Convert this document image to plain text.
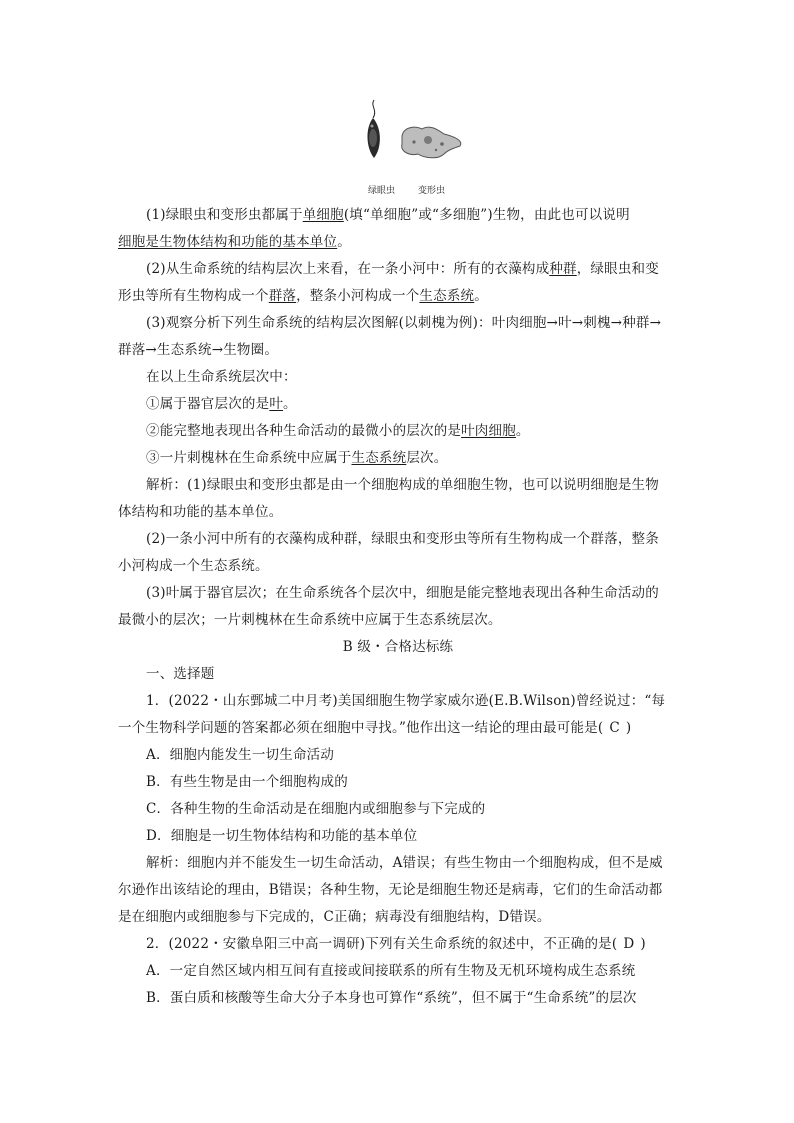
绿眼虫	变形虫
(1)绿眼虫和变形虫都属于单细胞(填“单细胞”或“多细胞”)生物，由此也可以说明
细胞是生物体结构和功能的基本单位。
(2)从生命系统的结构层次上来看，在一条小河中：所有的衣藻构成种群，绿眼虫和变
形虫等所有生物构成一个群落，整条小河构成一个生态系统。
(3)观察分析下列生命系统的结构层次图解(以刺槐为例)：叶肉细胞→叶→刺槐→种群→
群落→生态系统→生物圈。
在以上生命系统层次中：
①属于器官层次的是叶。
②能完整地表现出各种生命活动的最微小的层次的是叶肉细胞。
③一片刺槐林在生命系统中应属于生态系统层次。
解析：(1)绿眼虫和变形虫都是由一个细胞构成的单细胞生物，也可以说明细胞是生物
体结构和功能的基本单位。
(2)一条小河中所有的衣藻构成种群，绿眼虫和变形虫等所有生物构成一个群落，整条
小河构成一个生态系统。
(3)叶属于器官层次；在生命系统各个层次中，细胞是能完整地表现出各种生命活动的
最微小的层次；一片刺槐林在生命系统中应属于生态系统层次。
B 级・合格达标练
一、选择题
1．(2022・山东鄄城二中月考)美国细胞生物学家威尔逊(E.B.Wilson)曾经说过：“每
一个生物科学问题的答案都必须在细胞中寻找。”他作出这一结论的理由最可能是( C )
A．细胞内能发生一切生命活动
B．有些生物是由一个细胞构成的
C．各种生物的生命活动是在细胞内或细胞参与下完成的
D．细胞是一切生物体结构和功能的基本单位
解析：细胞内并不能发生一切生命活动，A错误；有些生物由一个细胞构成，但不是威
尔逊作出该结论的理由，B错误；各种生物，无论是细胞生物还是病毒，它们的生命活动都
是在细胞内或细胞参与下完成的，C正确；病毒没有细胞结构，D错误。
2．(2022・安徽阜阳三中高一调研)下列有关生命系统的叙述中，不正确的是( D )
A．一定自然区域内相互间有直接或间接联系的所有生物及无机环境构成生态系统
B．蛋白质和核酸等生命大分子本身也可算作“系统”，但不属于“生命系统”的层次
